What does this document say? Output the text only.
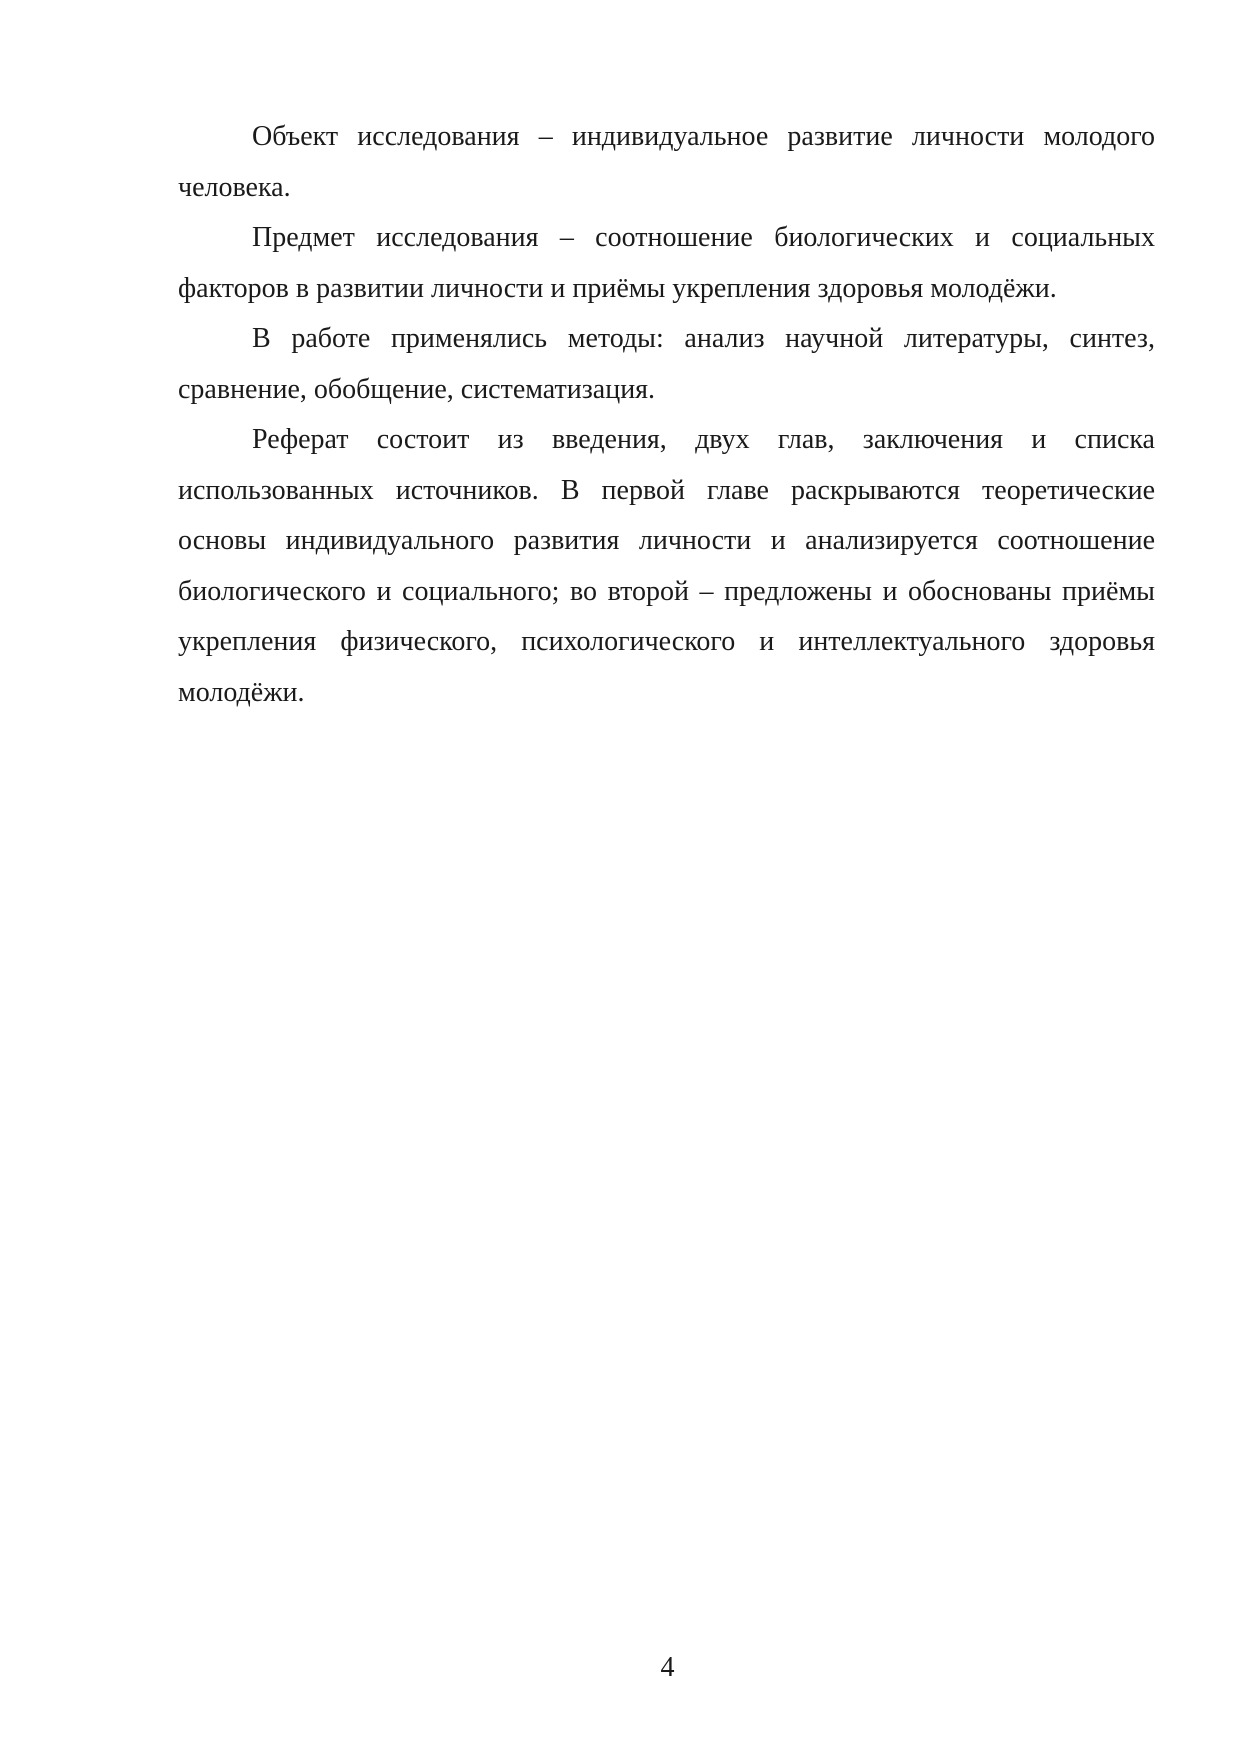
Объект исследования – индивидуальное развитие личности молодого человека.

Предмет исследования – соотношение биологических и социальных факторов в развитии личности и приёмы укрепления здоровья молодёжи.

В работе применялись методы: анализ научной литературы, синтез, сравнение, обобщение, систематизация.

Реферат состоит из введения, двух глав, заключения и списка использованных источников. В первой главе раскрываются теоретические основы индивидуального развития личности и анализируется соотношение биологического и социального; во второй – предложены и обоснованы приёмы укрепления физического, психологического и интеллектуального здоровья молодёжи.

4
